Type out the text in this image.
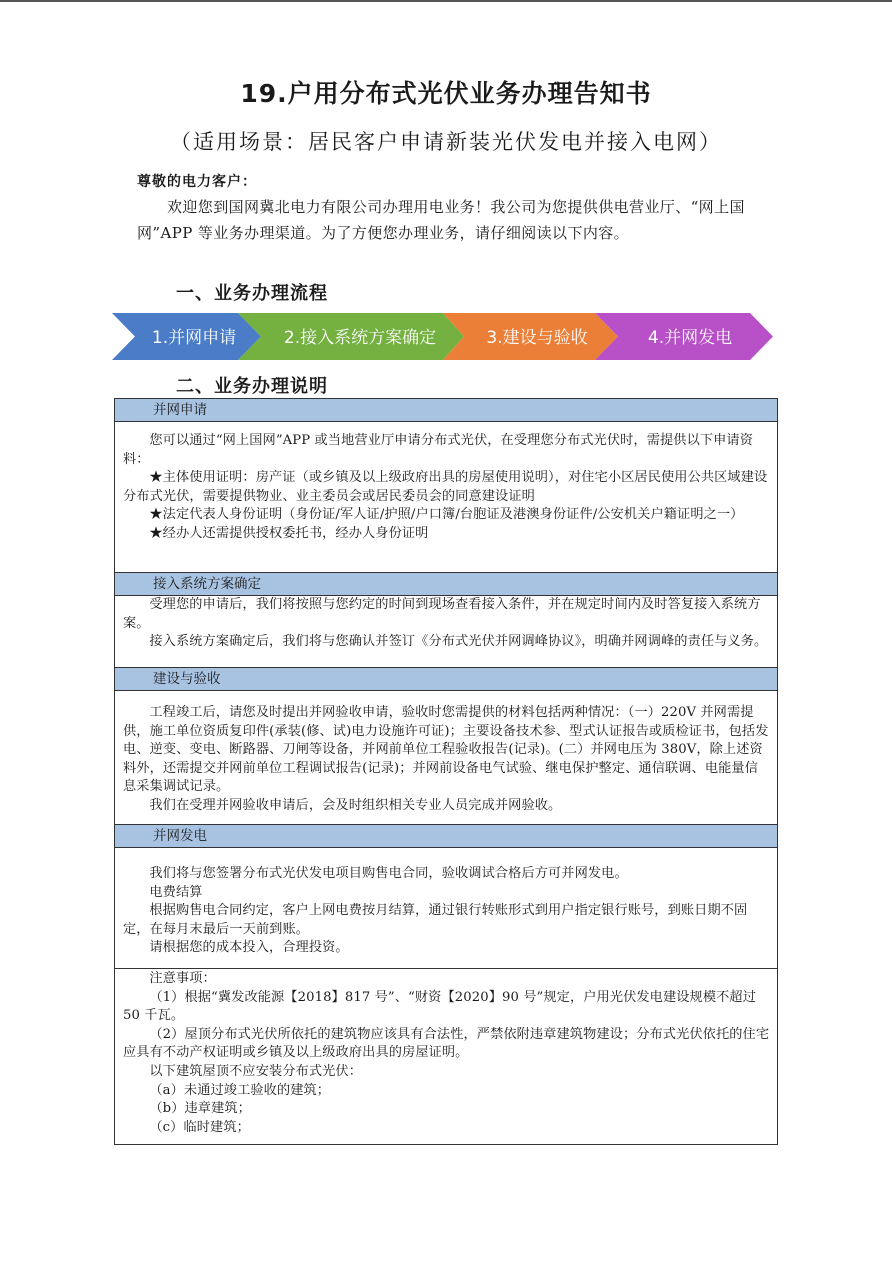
19.户用分布式光伏业务办理告知书
（适用场景：居民客户申请新装光伏发电并接入电网）
尊敬的电力客户：
欢迎您到国网冀北电力有限公司办理用电业务！我公司为您提供供电营业厅、“网上国网”APP 等业务办理渠道。为了方便您办理业务，请仔细阅读以下内容。
一、业务办理流程
1.并网申请	2.接入系统方案确定	3.建设与验收	4.并网发电
二、业务办理说明
并网申请

您可以通过“网上国网”APP 或当地营业厅申请分布式光伏，在受理您分布式光伏时，需提供以下申请资料：

★主体使用证明：房产证（或乡镇及以上级政府出具的房屋使用说明），对住宅小区居民使用公共区域建设分布式光伏，需要提供物业、业主委员会或居民委员会的同意建设证明

★法定代表人身份证明（身份证/军人证/护照/户口簿/台胞证及港澳身份证件/公安机关户籍证明之一）

★经办人还需提供授权委托书，经办人身份证明

接入系统方案确定

受理您的申请后，我们将按照与您约定的时间到现场查看接入条件，并在规定时间内及时答复接入系统方案。

接入系统方案确定后，我们将与您确认并签订《分布式光伏并网调峰协议》，明确并网调峰的责任与义务。

建设与验收

工程竣工后，请您及时提出并网验收申请，验收时您需提供的材料包括两种情况：（一）220V 并网需提供，施工单位资质复印件(承装(修、试)电力设施许可证)；主要设备技术参、型式认证报告或质检证书，包括发电、逆变、变电、断路器、刀闸等设备，并网前单位工程验收报告(记录)。(二）并网电压为 380V，除上述资料外，还需提交并网前单位工程调试报告(记录)；并网前设备电气试验、继电保护整定、通信联调、电能量信息采集调试记录。

我们在受理并网验收申请后，会及时组织相关专业人员完成并网验收。

并网发电

我们将与您签署分布式光伏发电项目购售电合同，验收调试合格后方可并网发电。

电费结算

根据购售电合同约定，客户上网电费按月结算，通过银行转账形式到用户指定银行账号，到账日期不固定，在每月末最后一天前到账。

请根据您的成本投入，合理投资。

注意事项：

（1）根据“冀发改能源【2018】817 号”、“财资【2020】90 号”规定，户用光伏发电建设规模不超过 50 千瓦。

（2）屋顶分布式光伏所依托的建筑物应该具有合法性，严禁依附违章建筑物建设；分布式光伏依托的住宅应具有不动产权证明或乡镇及以上级政府出具的房屋证明。

以下建筑屋顶不应安装分布式光伏：

（a）未通过竣工验收的建筑；

（b）违章建筑；

（c）临时建筑；
